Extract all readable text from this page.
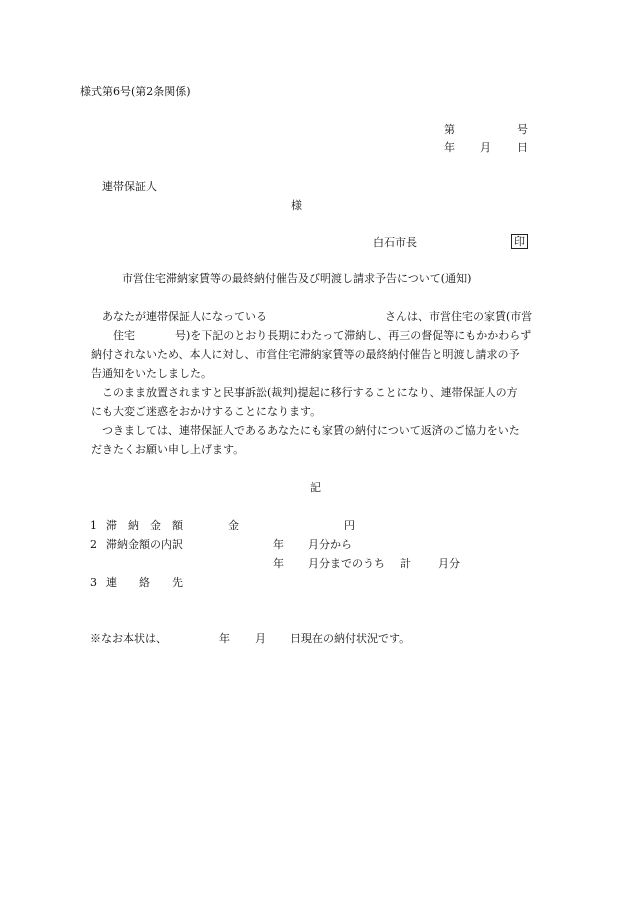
様式第6号(第2条関係)
第	号
年 月 日
連帯保証人
様
白石市長	印
市営住宅滞納家賃等の最終納付催告及び明渡し請求予告について(通知)
あなたが連帯保証人になっている	さんは、市営住宅の家賃(市営
住宅	号)を下記のとおり長期にわたって滞納し、再三の督促等にもかかわらず
納付されないため、本人に対し、市営住宅滞納家賃等の最終納付催告と明渡し請求の予
告通知をいたしました。
このまま放置されますと民事訴訟(裁判)提起に移行することになり、連帯保証人の方
にも大変ご迷惑をおかけすることになります。
つきましては、連帯保証人であるあなたにも家賃の納付について返済のご協力をいた
だきたくお願い申し上げます。
記
1 滞　納　金　額	金	円
2 滞納金額の内訳	年 月分から
年 月分までのうち 計 月分
3 連　　絡　　先
※なお本状は、	年 月 日現在の納付状況です。
